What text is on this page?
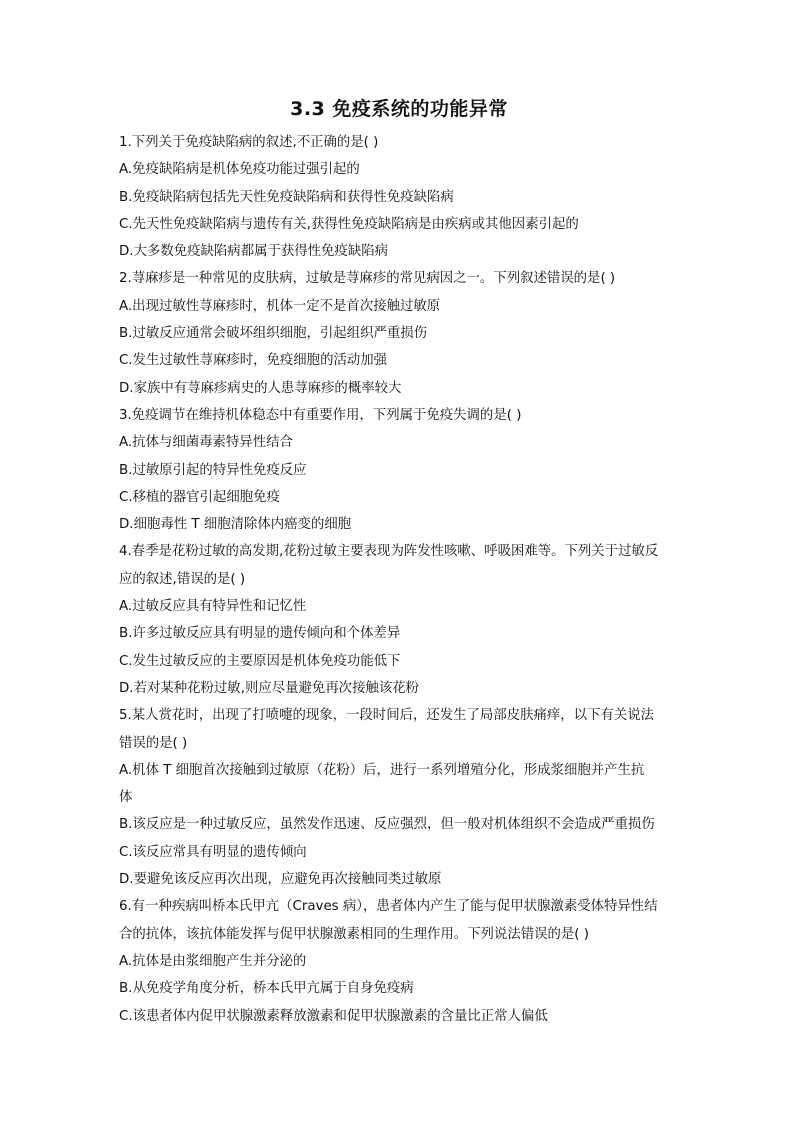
3.3 免疫系统的功能异常
1.下列关于免疫缺陷病的叙述,不正确的是( )
A.免疫缺陷病是机体免疫功能过强引起的
B.免疫缺陷病包括先天性免疫缺陷病和获得性免疫缺陷病
C.先天性免疫缺陷病与遗传有关,获得性免疫缺陷病是由疾病或其他因素引起的
D.大多数免疫缺陷病都属于获得性免疫缺陷病
2.荨麻疹是一种常见的皮肤病，过敏是荨麻疹的常见病因之一。下列叙述错误的是( )
A.出现过敏性荨麻疹时，机体一定不是首次接触过敏原
B.过敏反应通常会破坏组织细胞，引起组织严重损伤
C.发生过敏性荨麻疹时，免疫细胞的活动加强
D.家族中有荨麻疹病史的人患荨麻疹的概率较大
3.免疫调节在维持机体稳态中有重要作用，下列属于免疫失调的是( )
A.抗体与细菌毒素特异性结合
B.过敏原引起的特异性免疫反应
C.移植的器官引起细胞免疫
D.细胞毒性 T 细胞清除体内癌变的细胞
4.春季是花粉过敏的高发期,花粉过敏主要表现为阵发性咳嗽、呼吸困难等。下列关于过敏反
应的叙述,错误的是( )
A.过敏反应具有特异性和记忆性
B.许多过敏反应具有明显的遗传倾向和个体差异
C.发生过敏反应的主要原因是机体免疫功能低下
D.若对某种花粉过敏,则应尽量避免再次接触该花粉
5.某人赏花时，出现了打喷嚏的现象，一段时间后，还发生了局部皮肤痛痒，以下有关说法
错误的是( )
A.机体 T 细胞首次接触到过敏原（花粉）后，进行一系列增殖分化，形成浆细胞并产生抗
体
B.该反应是一种过敏反应，虽然发作迅速、反应强烈，但一般对机体组织不会造成严重损伤
C.该反应常具有明显的遗传倾向
D.要避免该反应再次出现，应避免再次接触同类过敏原
6.有一种疾病叫桥本氏甲亢（Craves 病），患者体内产生了能与促甲状腺激素受体特异性结
合的抗体，该抗体能发挥与促甲状腺激素相同的生理作用。下列说法错误的是( )
A.抗体是由浆细胞产生并分泌的
B.从免疫学角度分析，桥本氏甲亢属于自身免疫病
C.该患者体内促甲状腺激素释放激素和促甲状腺激素的含量比正常人偏低
